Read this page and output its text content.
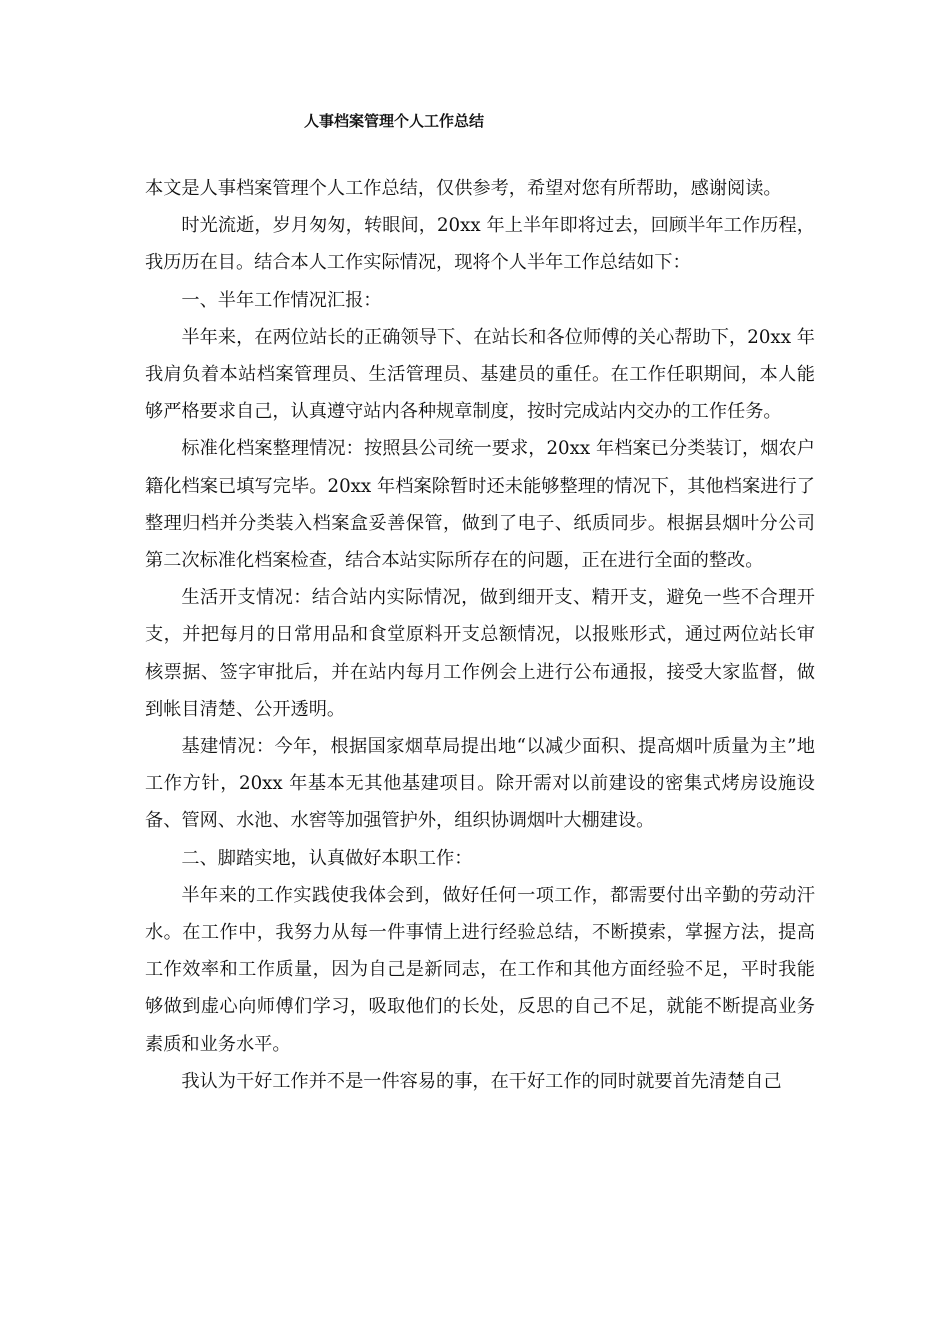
人事档案管理个人工作总结

本文是人事档案管理个人工作总结，仅供参考，希望对您有所帮助，感谢阅读。

时光流逝，岁月匆匆，转眼间，20xx 年上半年即将过去，回顾半年工作历程，我历历在目。结合本人工作实际情况，现将个人半年工作总结如下：

一、半年工作情况汇报：

半年来，在两位站长的正确领导下、在站长和各位师傅的关心帮助下，20xx 年我肩负着本站档案管理员、生活管理员、基建员的重任。在工作任职期间，本人能够严格要求自己，认真遵守站内各种规章制度，按时完成站内交办的工作任务。

标准化档案整理情况：按照县公司统一要求，20xx 年档案已分类装订，烟农户籍化档案已填写完毕。20xx 年档案除暂时还未能够整理的情况下，其他档案进行了整理归档并分类装入档案盒妥善保管，做到了电子、纸质同步。根据县烟叶分公司第二次标准化档案检查，结合本站实际所存在的问题，正在进行全面的整改。

生活开支情况：结合站内实际情况，做到细开支、精开支，避免一些不合理开支，并把每月的日常用品和食堂原料开支总额情况，以报账形式，通过两位站长审核票据、签字审批后，并在站内每月工作例会上进行公布通报，接受大家监督，做到帐目清楚、公开透明。

基建情况：今年，根据国家烟草局提出地“以减少面积、提高烟叶质量为主”地工作方针，20xx 年基本无其他基建项目。除开需对以前建设的密集式烤房设施设备、管网、水池、水窖等加强管护外，组织协调烟叶大棚建设。

二、脚踏实地，认真做好本职工作：

半年来的工作实践使我体会到，做好任何一项工作，都需要付出辛勤的劳动汗水。在工作中，我努力从每一件事情上进行经验总结，不断摸索，掌握方法，提高工作效率和工作质量，因为自己是新同志，在工作和其他方面经验不足，平时我能够做到虚心向师傅们学习，吸取他们的长处，反思的自己不足，就能不断提高业务素质和业务水平。

我认为干好工作并不是一件容易的事，在干好工作的同时就要首先清楚自己
